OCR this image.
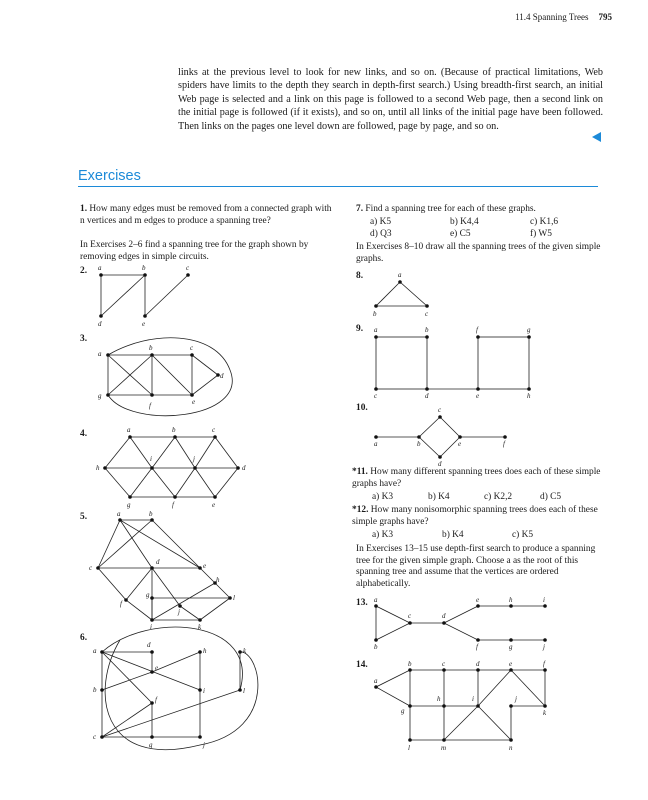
11.4 Spanning Trees 795
links at the previous level to look for new links, and so on. (Because of practical limitations, Web spiders have limits to the depth they search in depth-first search.) Using breadth-first search, an initial Web page is selected and a link on this page is followed to a second Web page, then a second link on the initial page is followed (if it exists), and so on, until all links of the initial page have been followed. Then links on the pages one level down are followed, page by page, and so on.
Exercises
1. How many edges must be removed from a connected graph with n vertices and m edges to produce a spanning tree?
In Exercises 2–6 find a spanning tree for the graph shown by removing edges in simple circuits.
7. Find a spanning tree for each of these graphs.
a) K5	b) K4,4	c) K1,6
d) Q3	e) C5	f) W5
In Exercises 8–10 draw all the spanning trees of the given simple graphs.
*11. How many different spanning trees does each of these simple graphs have?
a) K3	b) K4	c) K2,2	d) C5
*12. How many nonisomorphic spanning trees does each of these simple graphs have?
a) K3	b) K4	c) K5
In Exercises 13–15 use depth-first search to produce a spanning tree for the given simple graph. Choose a as the root of this spanning tree and assume that the vertices are ordered alphabetically.
2.
3.
4.
5.
6.
8.
9.
10.
13.
14.
a	b	c
d	e
a
b	c
d
e
f
g
a	b	c
d
e
f
g
h
i	j
a	b
c
d	e
f
g
h
i
j
k
l
a
b
c
d
e
f
g
h
i
j
k
l
a
b	c
a	b
c	d	e
f	g
h
a	b
c
d
e	f
a
b
c	d
e
f	g
h	i
j
a
b	c	d	e	f
g
h	i	j
k
l	m	n
